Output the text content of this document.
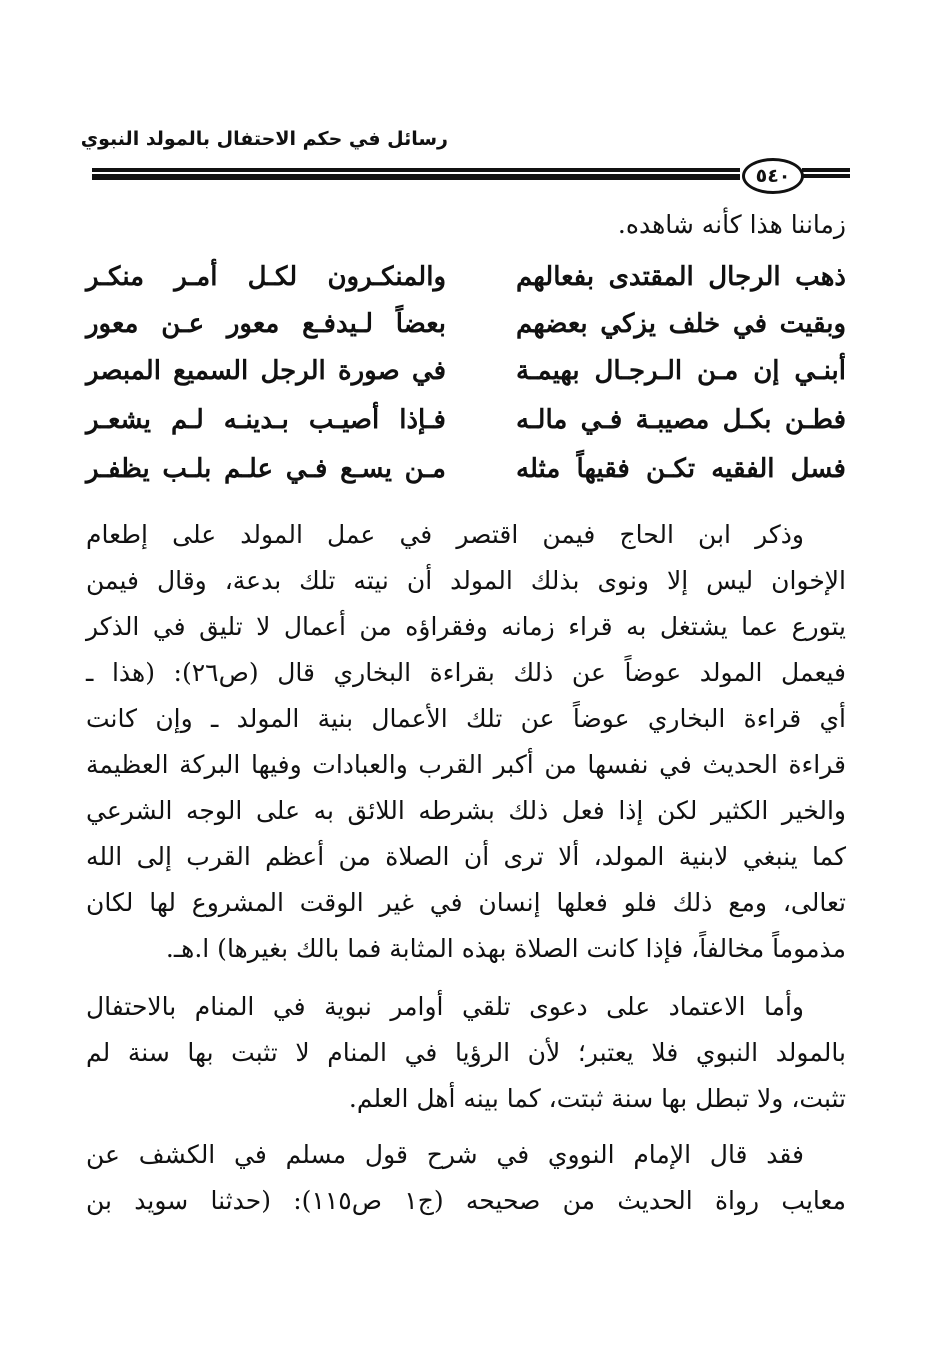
رسائل في حكم الاحتفال بالمولد النبوي
٥٤٠
زماننا هذا كأنه شاهده.
ذهب الرجال المقتدى بفعالهم
والمنكـرون لكـل أمـر منكـر
وبقيت في خلف يزكي بعضهم
بعضاً لـيدفـع معور عـن معور
أبنـي إن مـن الـرجـال بهيمـة
في صورة الرجل السميع المبصر
فطـن بكـل مصيبـة فـي مالـه
فـإذا أصيـب بـدينـه لـم يشعـر
فسل الفقيه تكـن فقيهاً مثله
مـن يسـع فـي علـم بلـب يظفـر
وذكر ابن الحاج فيمن اقتصر في عمل المولد على إطعام
الإخوان ليس إلا ونوى بذلك المولد أن نيته تلك بدعة، وقال فيمن
يتورع عما يشتغل به قراء زمانه وفقراؤه من أعمال لا تليق في الذكر
فيعمل المولد عوضاً عن ذلك بقراءة البخاري قال (ص٢٦): (هذا ـ
أي قراءة البخاري عوضاً عن تلك الأعمال بنية المولد ـ وإن كانت
قراءة الحديث في نفسها من أكبر القرب والعبادات وفيها البركة العظيمة
والخير الكثير لكن إذا فعل ذلك بشرطه اللائق به على الوجه الشرعي
كما ينبغي لابنية المولد، ألا ترى أن الصلاة من أعظم القرب إلى الله
تعالى، ومع ذلك فلو فعلها إنسان في غير الوقت المشروع لها لكان
مذموماً مخالفاً، فإذا كانت الصلاة بهذه المثابة فما بالك بغيرها) ا.هـ.
وأما الاعتماد على دعوى تلقي أوامر نبوية في المنام بالاحتفال
بالمولد النبوي فلا يعتبر؛ لأن الرؤيا في المنام لا تثبت بها سنة لم
تثبت، ولا تبطل بها سنة ثبتت، كما بينه أهل العلم.
فقد قال الإمام النووي في شرح قول مسلم في الكشف عن
معايب رواة الحديث من صحيحه (ج١ ص١١٥): (حدثنا سويد بن
